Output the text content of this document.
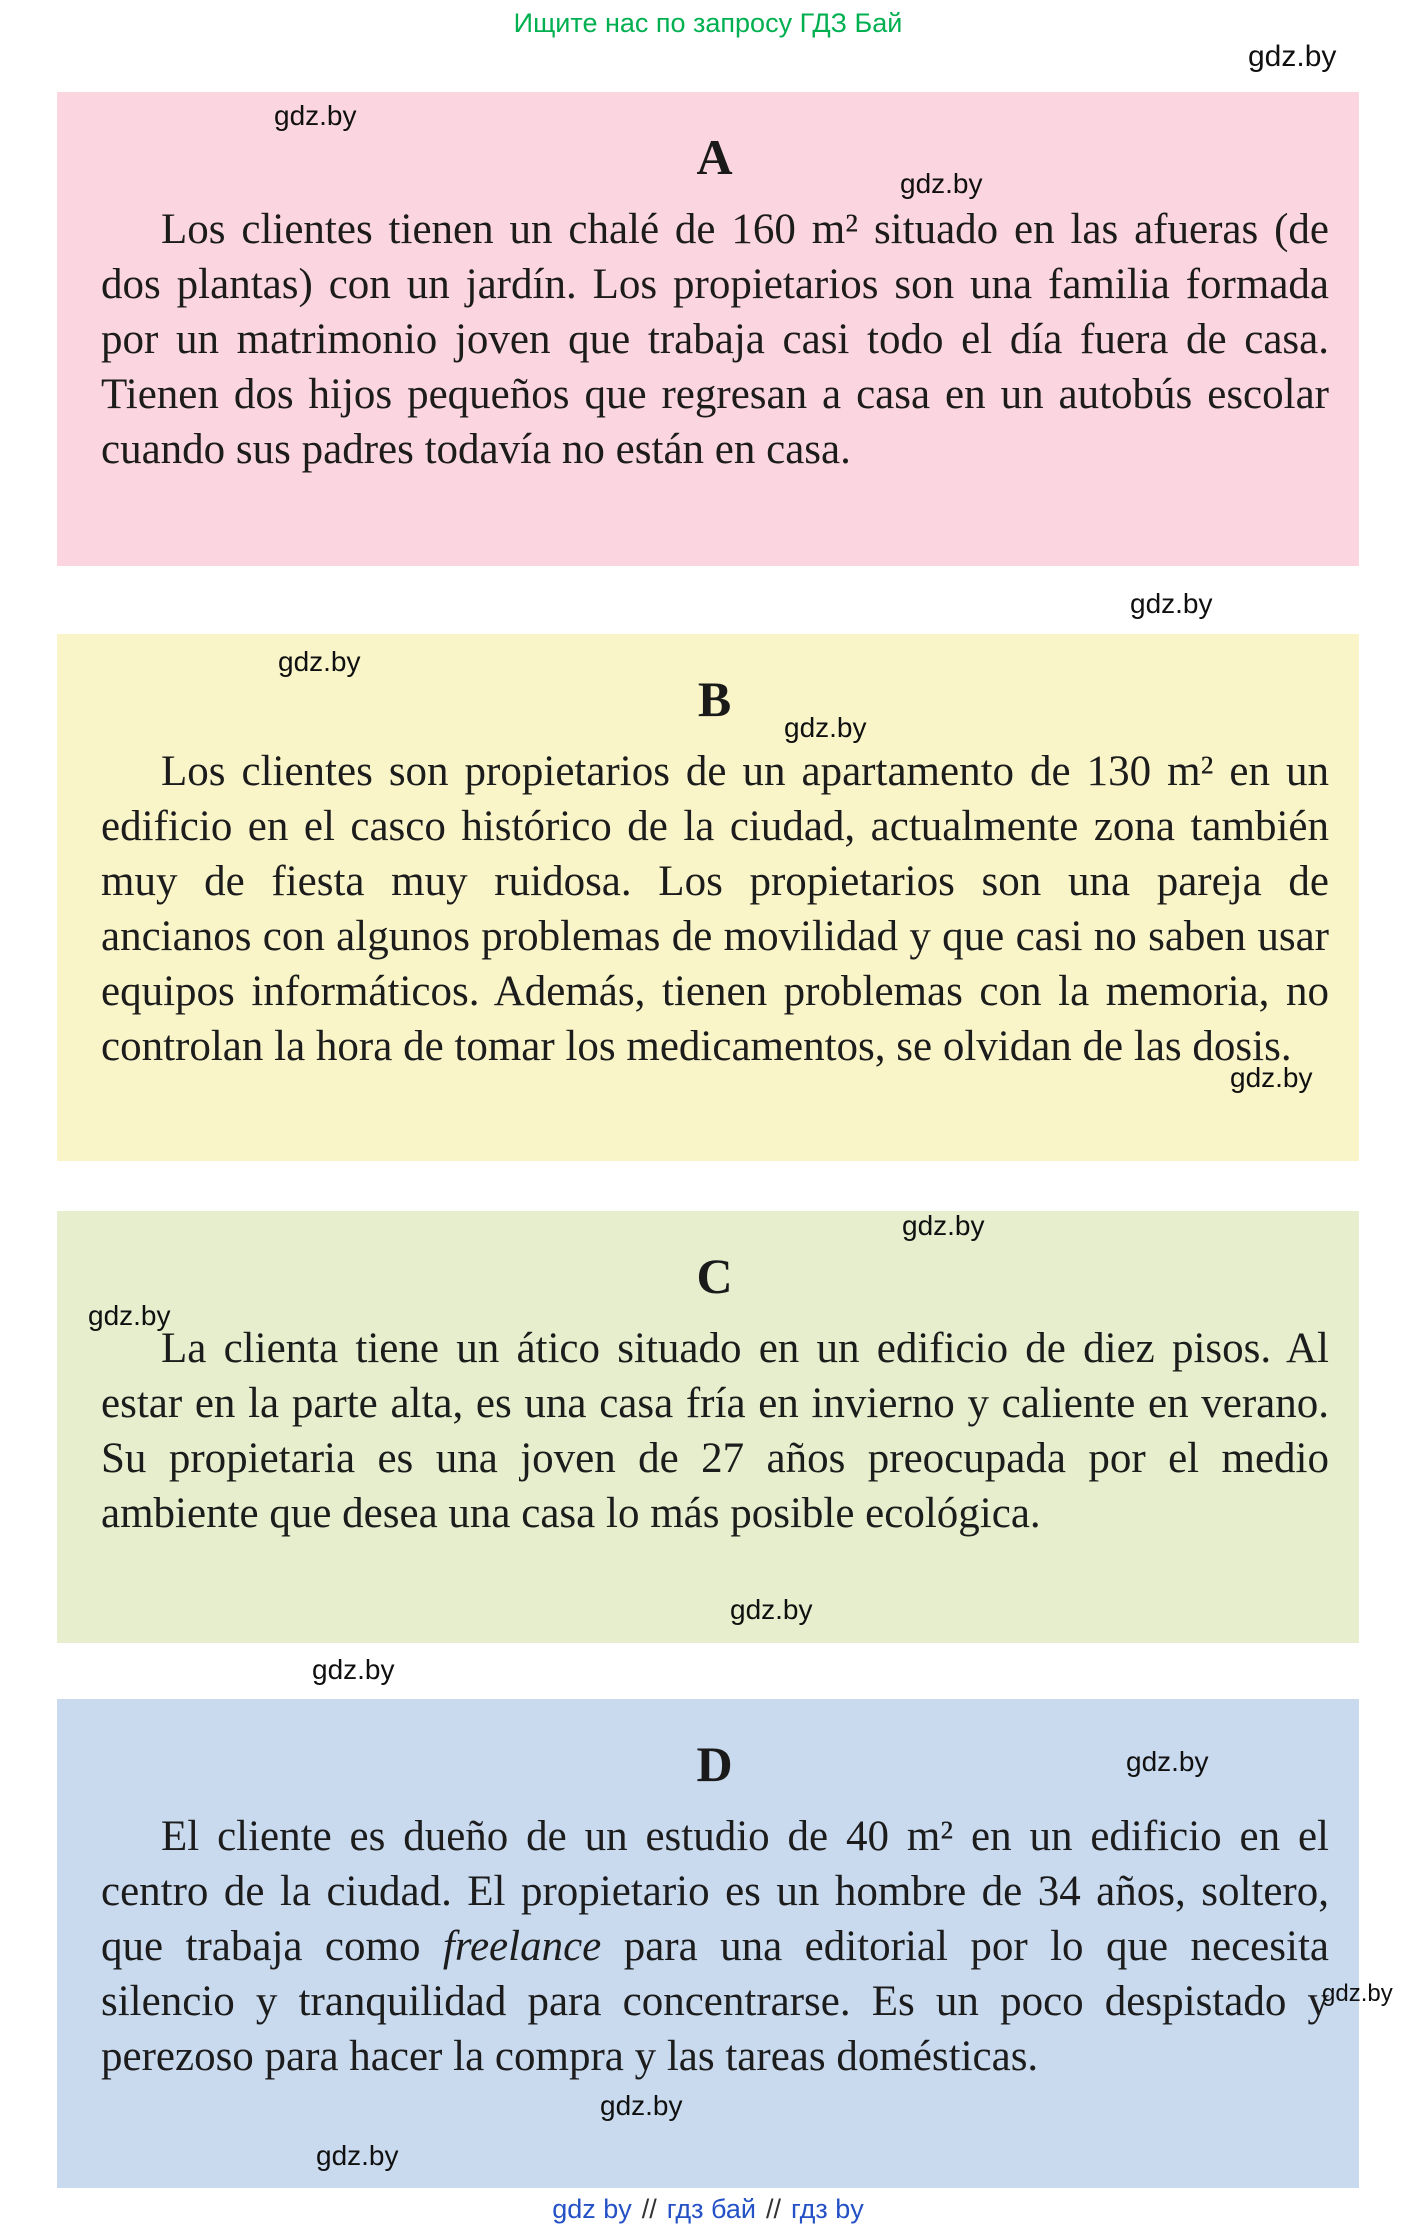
Ищите нас по запросу ГДЗ Бай
A

Los clientes tienen un chalé de 160 m² situado en las afueras (de dos plantas) con un jardín. Los propietarios son una familia formada por un matrimonio joven que trabaja casi todo el día fuera de casa. Tienen dos hijos pequeños que regresan a casa en un autobús escolar cuando sus padres todavía no están en casa.

B

Los clientes son propietarios de un apartamento de 130 m² en un edificio en el casco histórico de la ciudad, actualmente zona también muy de fiesta muy ruidosa. Los propietarios son una pareja de ancianos con algunos problemas de movilidad y que casi no saben usar equipos informáticos. Además, tienen problemas con la memoria, no controlan la hora de tomar los medicamentos, se olvidan de las dosis.

C

La clienta tiene un ático situado en un edificio de diez pisos. Al estar en la parte alta, es una casa fría en invierno y caliente en verano. Su propietaria es una joven de 27 años preocupada por el medio ambiente que desea una casa lo más posible ecológica.

D

El cliente es dueño de un estudio de 40 m² en un edificio en el centro de la ciudad. El propietario es un hombre de 34 años, soltero, que trabaja como freelance para una editorial por lo que necesita silencio y tranquilidad para concentrarse. Es un poco despistado y perezoso para hacer la compra y las tareas domésticas.

gdz.by
gdz.by
gdz.by
gdz.by
gdz.by
gdz.by
gdz.by
gdz.by
gdz.by
gdz.by
gdz.by
gdz.by
gdz.by
gdz.by
gdz.by
gdz by // гдз бай // гдз by
